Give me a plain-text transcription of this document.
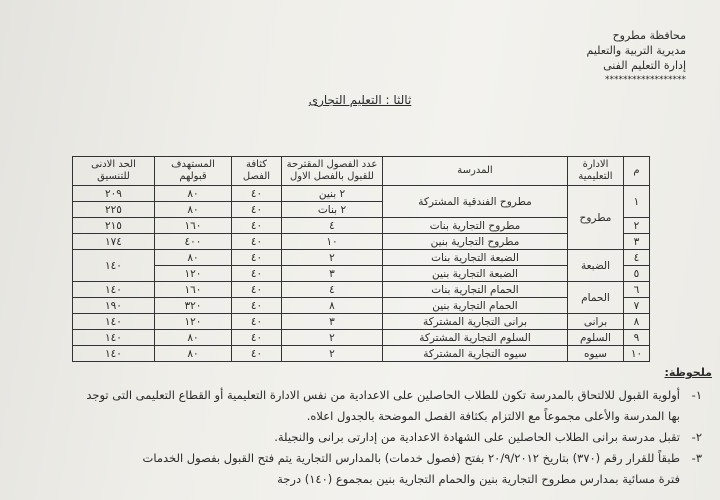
محافظة مطروح
مديرية التربية والتعليم
إدارة التعليم الفنى
******************
ثالثا : التعليم التجارى
م	الادارة التعليمية	المدرسة	عدد الفصول المقترحة للقبول بالفصل الاول	كثافة الفصل	المستهدف قبولهم	الحد الادنى للتنسيق
١	مطروح	مطروح الفندقية المشتركة	٢ بنين	٤٠	٨٠	٢٠٩
			٢ بنات	٤٠	٨٠	٢٢٥
٢		مطروح التجارية بنات	٤	٤٠	١٦٠	٢١٥
٣		مطروح التجارية بنين	١٠	٤٠	٤٠٠	١٧٤
٤	الضبعة	الضبعة التجارية بنات	٢	٤٠	٨٠	١٤٠
٥		الضبعة التجارية بنين	٣	٤٠	١٢٠	
٦	الحمام	الحمام التجارية بنات	٤	٤٠	١٦٠	١٤٠
٧		الحمام التجارية بنين	٨	٤٠	٣٢٠	١٩٠
٨	برانى	برانى التجارية المشتركة	٣	٤٠	١٢٠	١٤٠
٩	السلوم	السلوم التجارية المشتركة	٢	٤٠	٨٠	١٤٠
١٠	سيوه	سيوه التجارية المشتركة	٢	٤٠	٨٠	١٤٠
ملحوظة:
١-
أولوية القبول للالتحاق بالمدرسة تكون للطلاب الحاصلين على الاعدادية من نفس الادارة التعليمية أو القطاع التعليمى التى توجد
بها المدرسة والأعلى مجموعاً مع الالتزام بكثافة الفصل الموضحة بالجدول اعلاه.
٢-
تقبل مدرسة برانى الطلاب الحاصلين على الشهادة الاعدادية من إدارتى برانى والنجيلة.
٣-
طبقاً للقرار رقم (٣٧٠) بتاريخ ٢٠/٩/٢٠١٢ بفتح (فصول خدمات) بالمدارس التجارية يتم فتح القبول بفصول الخدمات
فترة مسائية بمدارس مطروح التجارية بنين والحمام التجارية بنين بمجموع (١٤٠) درجة
